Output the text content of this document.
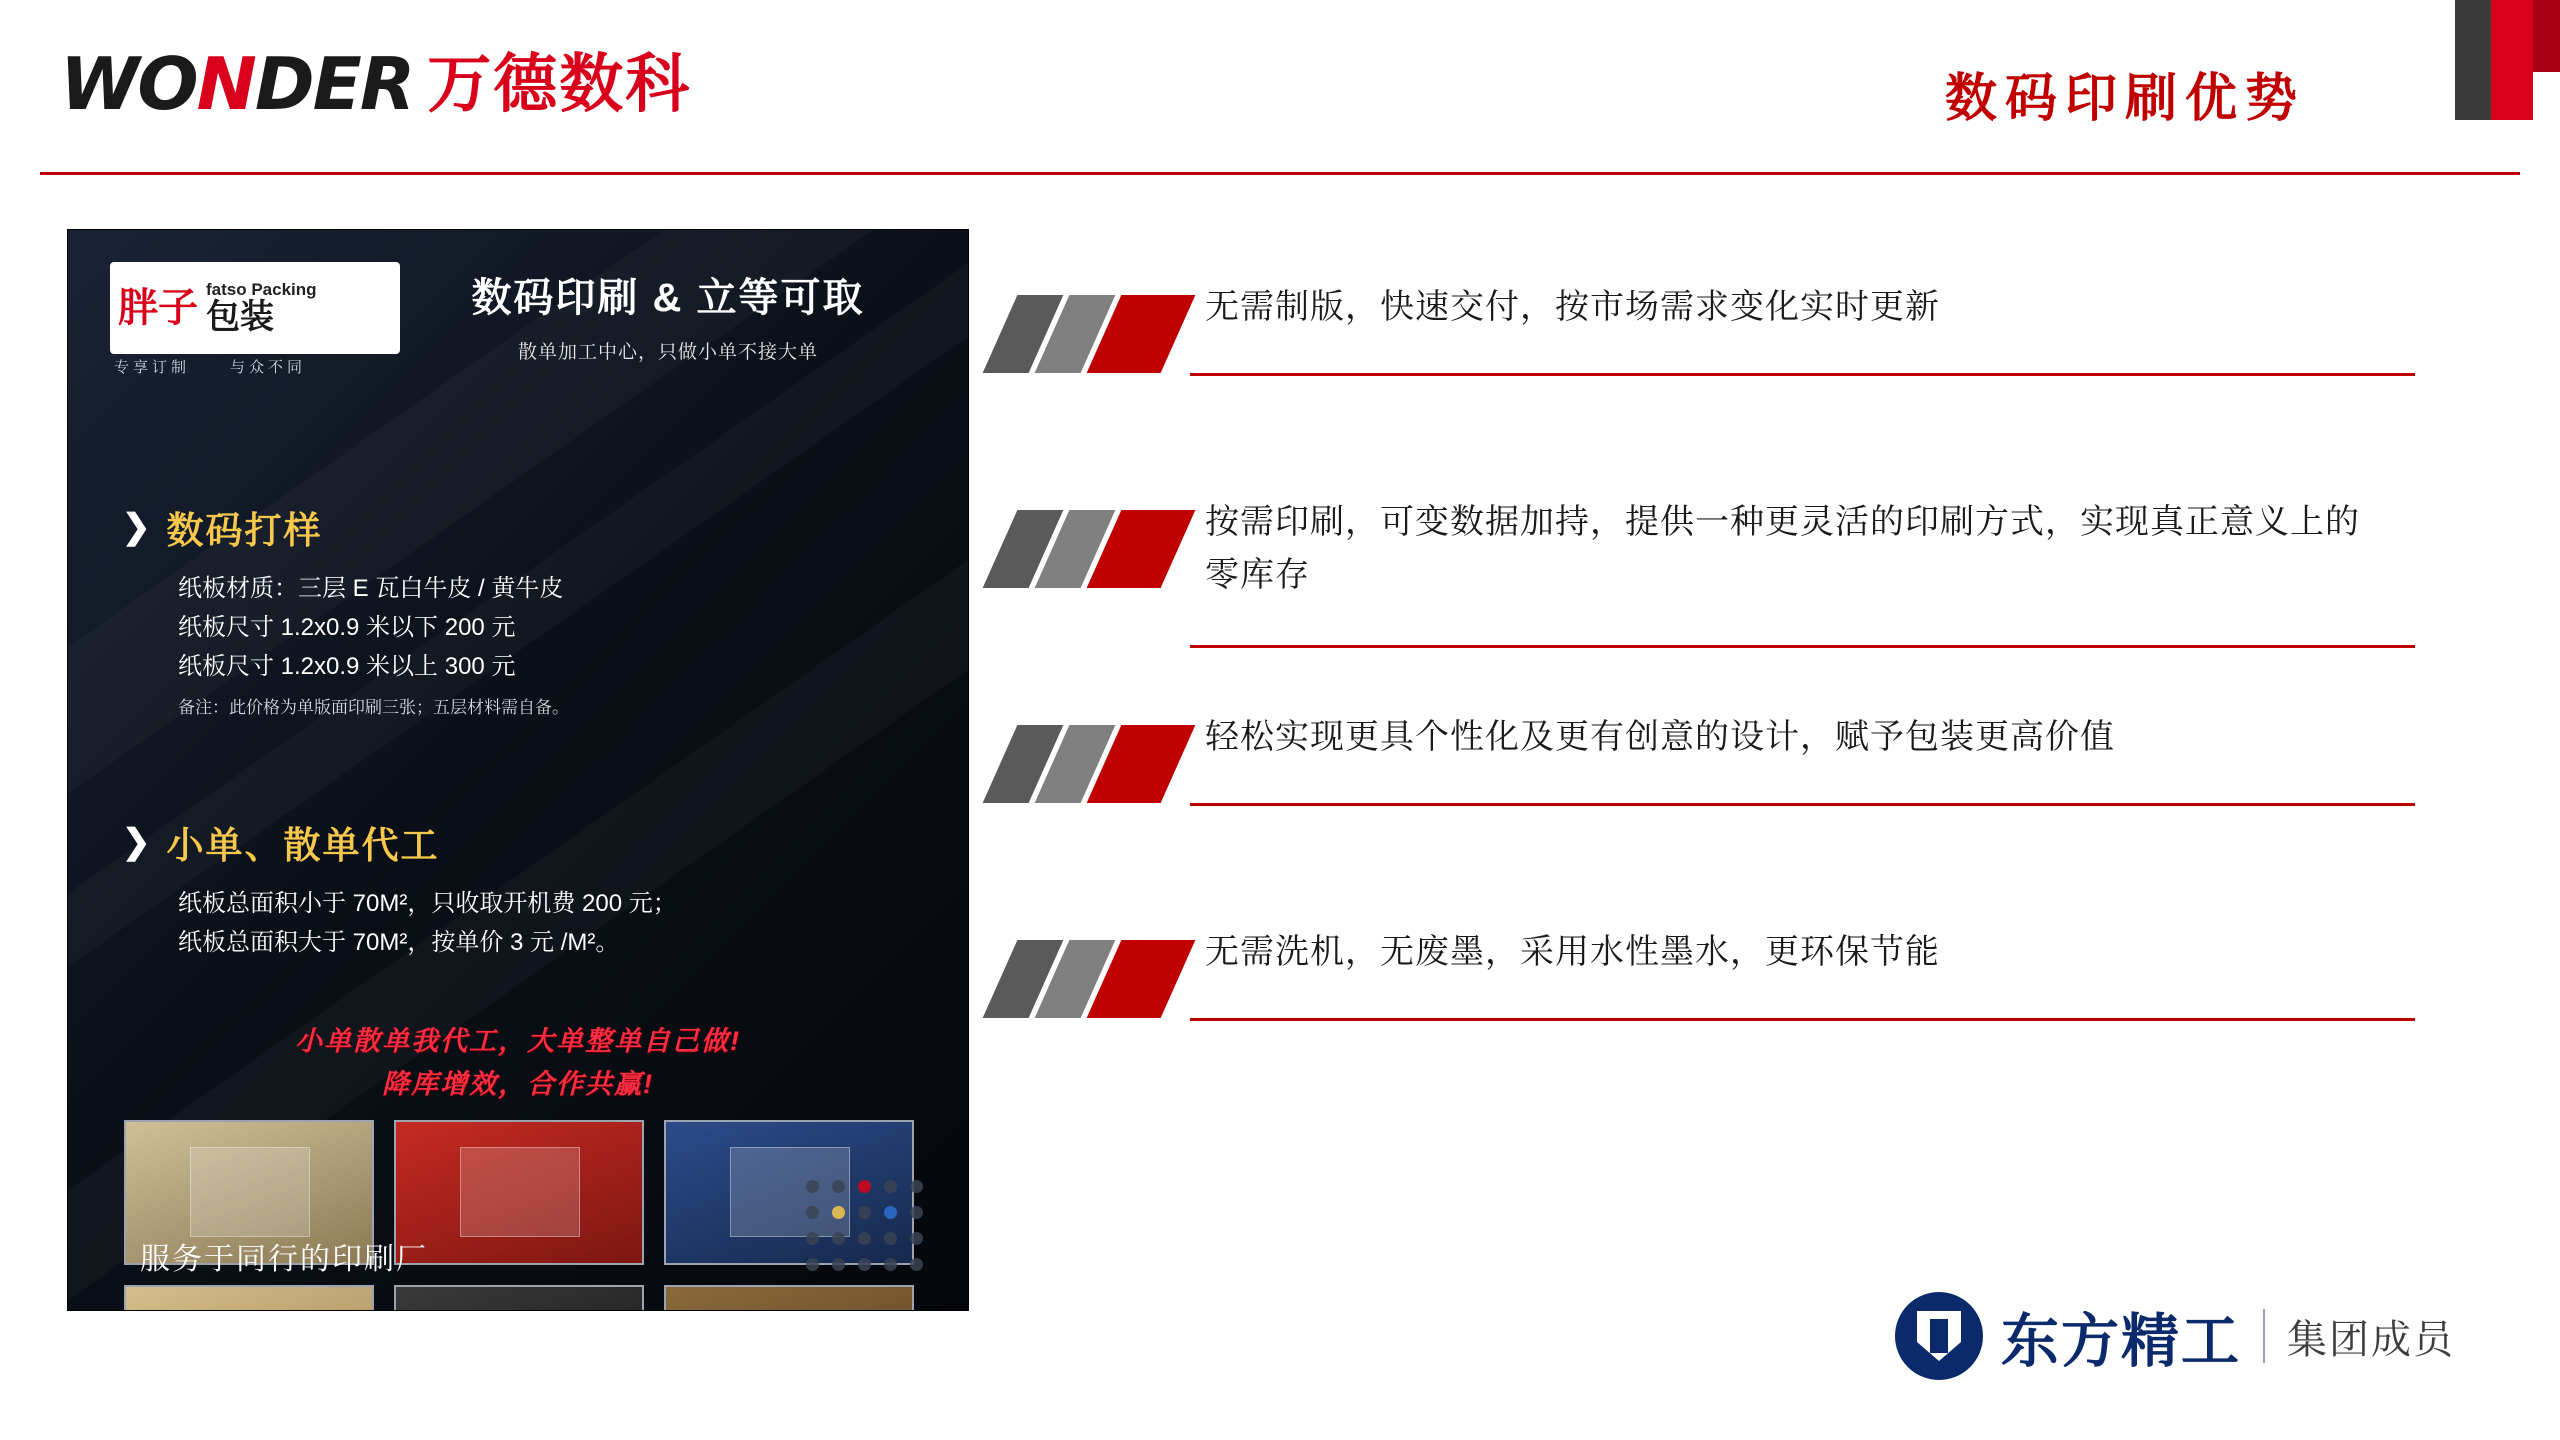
WONDER 万德数科	数码印刷优势
胖子 fatso Packing
包装
专享订制	与众不同
数码印刷 & 立等可取
散单加工中心，只做小单不接大单
❯ 数码打样
纸板材质：三层 E 瓦白牛皮 / 黄牛皮
纸板尺寸 1.2x0.9 米以下 200 元
纸板尺寸 1.2x0.9 米以上 300 元
备注：此价格为单版面印刷三张；五层材料需自备。
❯ 小单、散单代工
纸板总面积小于 70M²，只收取开机费 200 元；
纸板总面积大于 70M²，按单价 3 元 /M²。
小单散单我代工，大单整单自己做!
降库增效，合作共赢!
服务于同行的印刷厂
无需制版，快速交付，按市场需求变化实时更新
按需印刷，可变数据加持，提供一种更灵活的印刷方式，实现真正意义上的零库存
轻松实现更具个性化及更有创意的设计，赋予包装更高价值
无需洗机，无废墨，采用水性墨水，更环保节能
东方精工 集团成员
